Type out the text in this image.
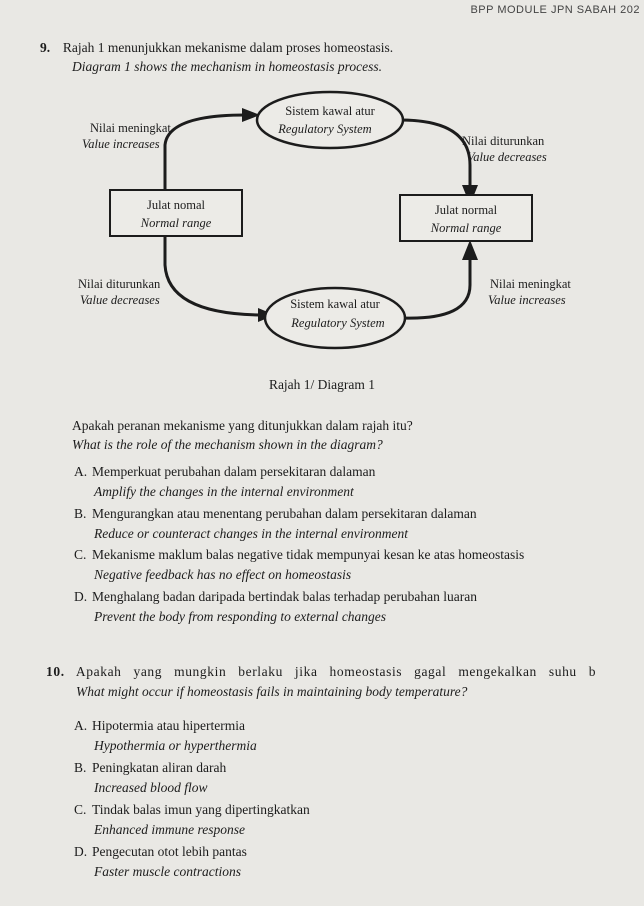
BPP MODULE JPN SABAH 202
9. Rajah 1 menunjukkan mekanisme dalam proses homeostasis.
Diagram 1 shows the mechanism in homeostasis process.
Sistem kawal atur
Regulatory System
Sistem kawal atur
Regulatory System
Julat nomal
Normal range
Julat normal
Normal range
Nilai meningkat
Value increases	Nilai diturunkan
Value decreases
Nilai diturunkan
Value decreases
Nilai meningkat
Value increases
Rajah 1/ Diagram 1
Apakah peranan mekanisme yang ditunjukkan dalam rajah itu?
What is the role of the mechanism shown in the diagram?
A. Memperkuat perubahan dalam persekitaran dalaman
Amplify the changes in the internal environment
B. Mengurangkan atau menentang perubahan dalam persekitaran dalaman
Reduce or counteract changes in the internal environment
C. Mekanisme maklum balas negative tidak mempunyai kesan ke atas homeostasis
Negative feedback has no effect on homeostasis
D. Menghalang badan daripada bertindak balas terhadap perubahan luaran
Prevent the body from responding to external changes
10. Apakah yang mungkin berlaku jika homeostasis gagal mengekalkan suhu b
What might occur if homeostasis fails in maintaining body temperature?
A. Hipotermia atau hipertermia
Hypothermia or hyperthermia
B. Peningkatan aliran darah
Increased blood flow
C. Tindak balas imun yang dipertingkatkan
Enhanced immune response
D. Pengecutan otot lebih pantas
Faster muscle contractions
